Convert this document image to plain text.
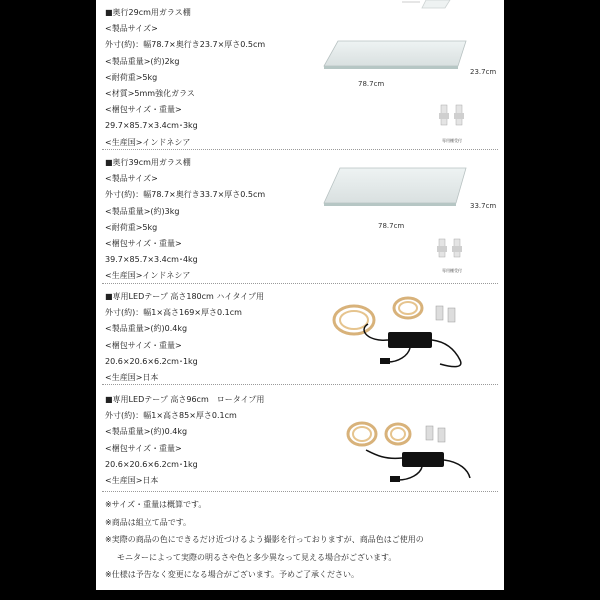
■奥行29cm用ガラス棚
<製品サイズ>
外寸(約)：幅78.7×奥行き23.7×厚さ0.5cm
<製品重量>(約)2kg
<耐荷重>5kg
<材質>5mm強化ガラス
<梱包サイズ・重量>
29.7×85.7×3.4cm･3kg
<生産国>インドネシア
78.7cm
23.7cm
専用棚受付
■奥行39cm用ガラス棚
<製品サイズ>
外寸(約)：幅78.7×奥行き33.7×厚さ0.5cm
<製品重量>(約)3kg
<耐荷重>5kg
<梱包サイズ・重量>
39.7×85.7×3.4cm･4kg
<生産国>インドネシア
78.7cm
33.7cm
専用棚受付
■専用LEDテープ 高さ180cm ハイタイプ用
外寸(約)：幅1×高さ169×厚さ0.1cm
<製品重量>(約)0.4kg
<梱包サイズ・重量>
20.6×20.6×6.2cm･1kg
<生産国>日本
■専用LEDテープ 高さ96cm　ロータイプ用
外寸(約)：幅1×高さ85×厚さ0.1cm
<製品重量>(約)0.4kg
<梱包サイズ・重量>
20.6×20.6×6.2cm･1kg
<生産国>日本
※サイズ・重量は概算です。
※商品は組立て品です。
※実際の商品の色にできるだけ近づけるよう撮影を行っておりますが、商品色はご使用の
モニターによって実際の明るさや色と多少異なって見える場合がございます。
※仕様は予告なく変更になる場合がございます。予めご了承ください。
